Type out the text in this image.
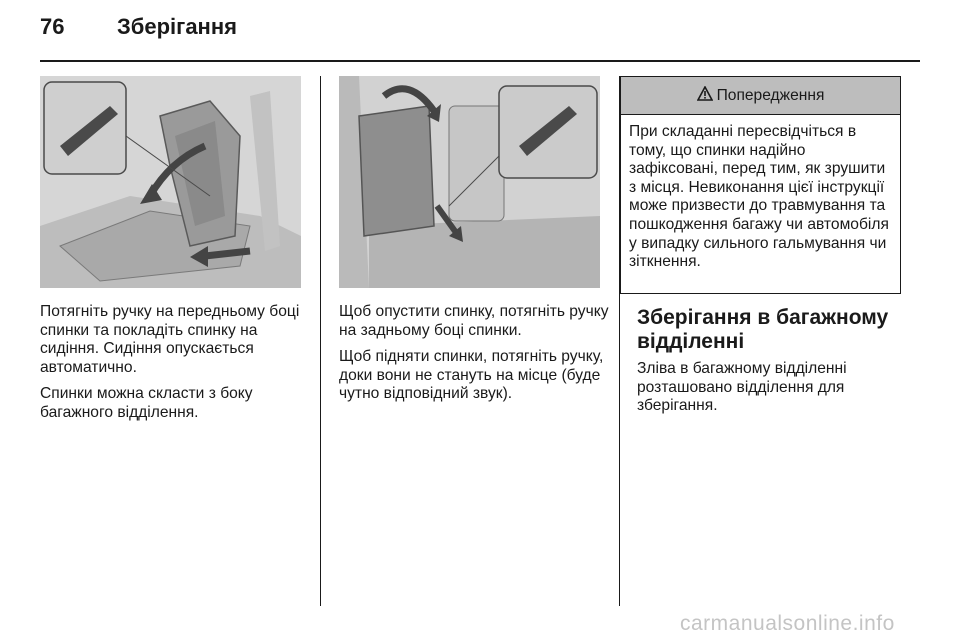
76 Зберігання

Потягніть ручку на передньому боці спинки та покладіть спинку на сидіння. Сидіння опускається автоматично.

Спинки можна скласти з боку багажного відділення.

Щоб опустити спинку, потягніть ручку на задньому боці спинки.

Щоб підняти спинки, потягніть ручку, доки вони не стануть на місце (буде чутно відповідний звук).

Попередження
При складанні пересвідчіться в тому, що спинки надійно зафіксовані, перед тим, як зрушити з місця. Невиконання цієї інструкції може призвести до травмування та пошкодження багажу чи автомобіля у випадку сильного гальмування чи зіткнення.
Зберігання в багажному відділенні
Зліва в багажному відділенні розташовано відділення для зберігання.
carmanualsonline.info
